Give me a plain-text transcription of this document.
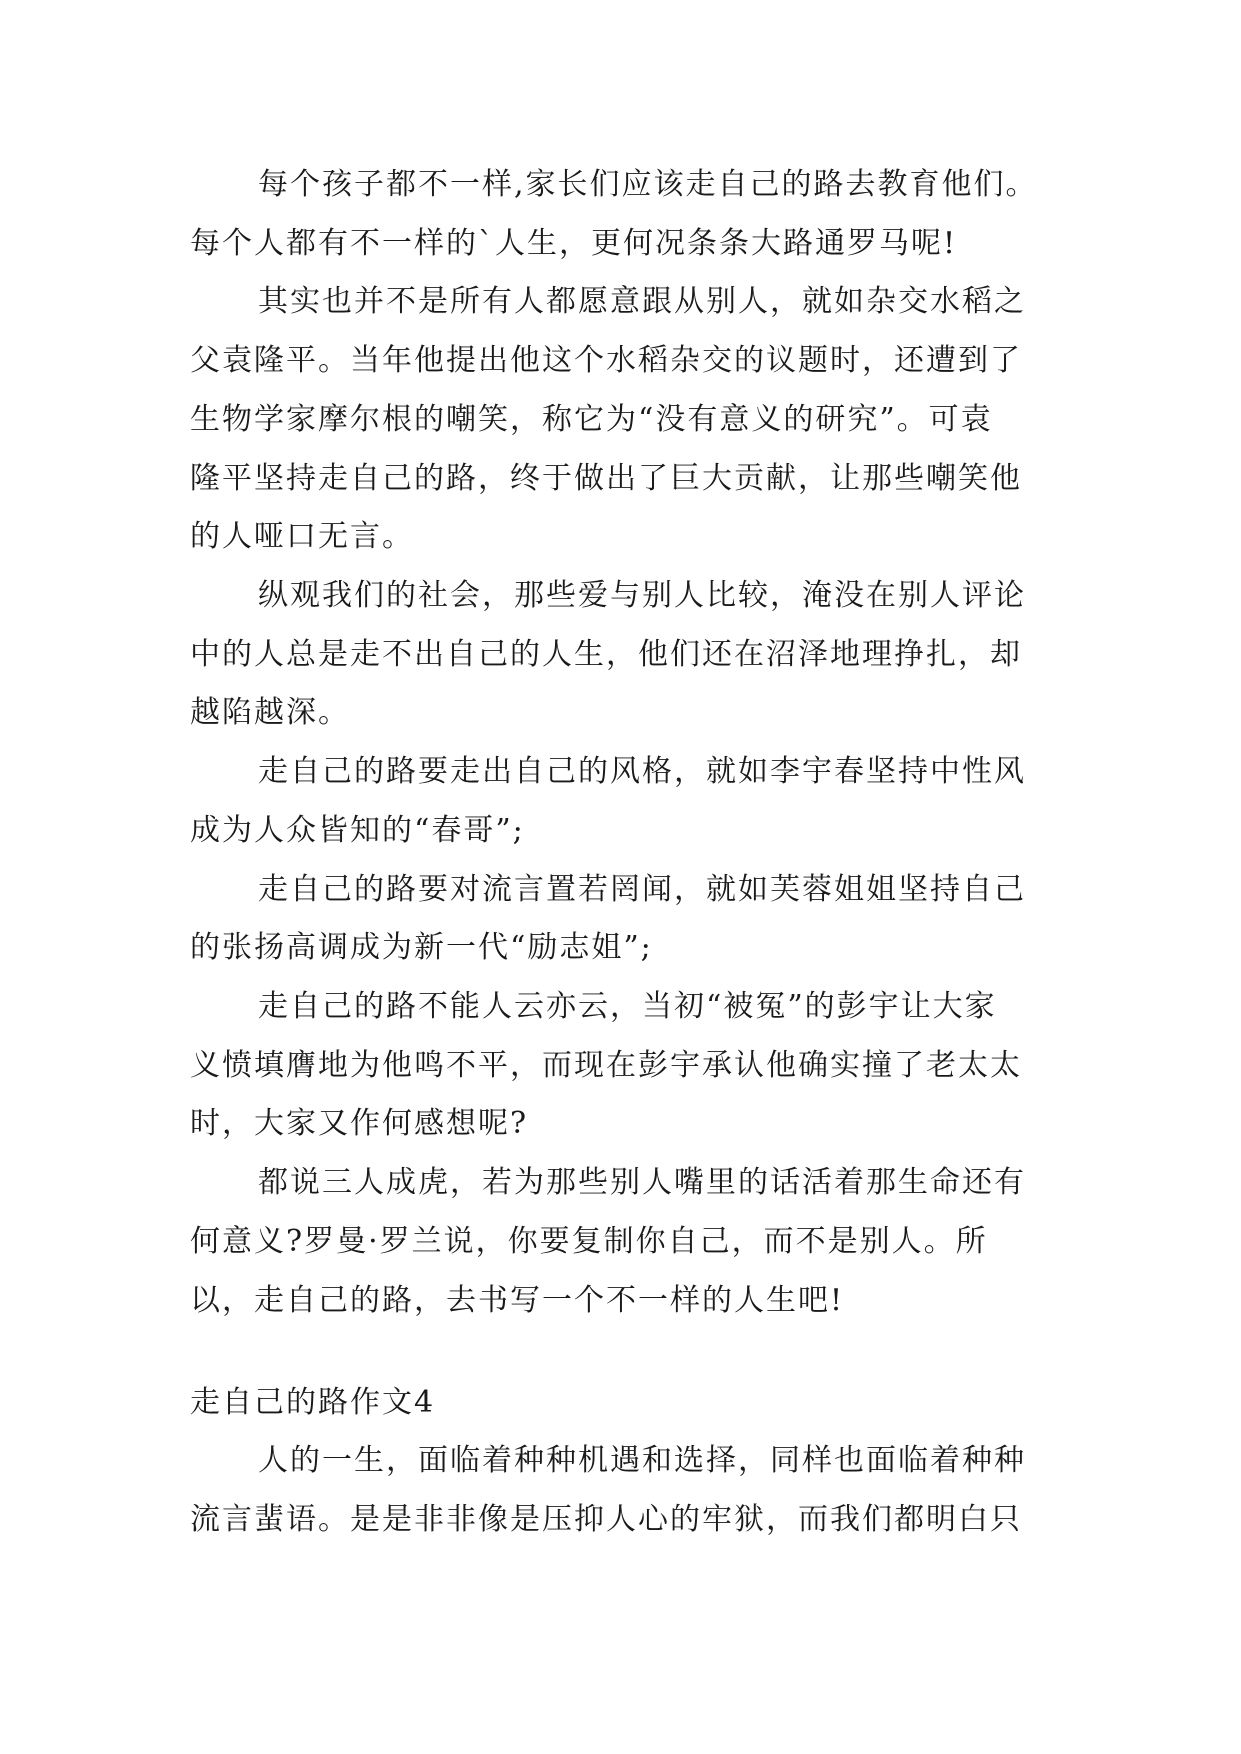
每个孩子都不一样,家长们应该走自己的路去教育他们。
每个人都有不一样的`人生，更何况条条大路通罗马呢!
其实也并不是所有人都愿意跟从别人，就如杂交水稻之
父袁隆平。当年他提出他这个水稻杂交的议题时，还遭到了
生物学家摩尔根的嘲笑，称它为“没有意义的研究”。可袁
隆平坚持走自己的路，终于做出了巨大贡献，让那些嘲笑他
的人哑口无言。
纵观我们的社会，那些爱与别人比较，淹没在别人评论
中的人总是走不出自己的人生，他们还在沼泽地理挣扎，却
越陷越深。
走自己的路要走出自己的风格，就如李宇春坚持中性风
成为人众皆知的“春哥”;
走自己的路要对流言置若罔闻，就如芙蓉姐姐坚持自己
的张扬高调成为新一代“励志姐”;
走自己的路不能人云亦云，当初“被冤”的彭宇让大家
义愤填膺地为他鸣不平，而现在彭宇承认他确实撞了老太太
时，大家又作何感想呢?
都说三人成虎，若为那些别人嘴里的话活着那生命还有
何意义?罗曼·罗兰说，你要复制你自己，而不是别人。所
以，走自己的路，去书写一个不一样的人生吧!
走自己的路作文4
人的一生，面临着种种机遇和选择，同样也面临着种种
流言蜚语。是是非非像是压抑人心的牢狱，而我们都明白只
